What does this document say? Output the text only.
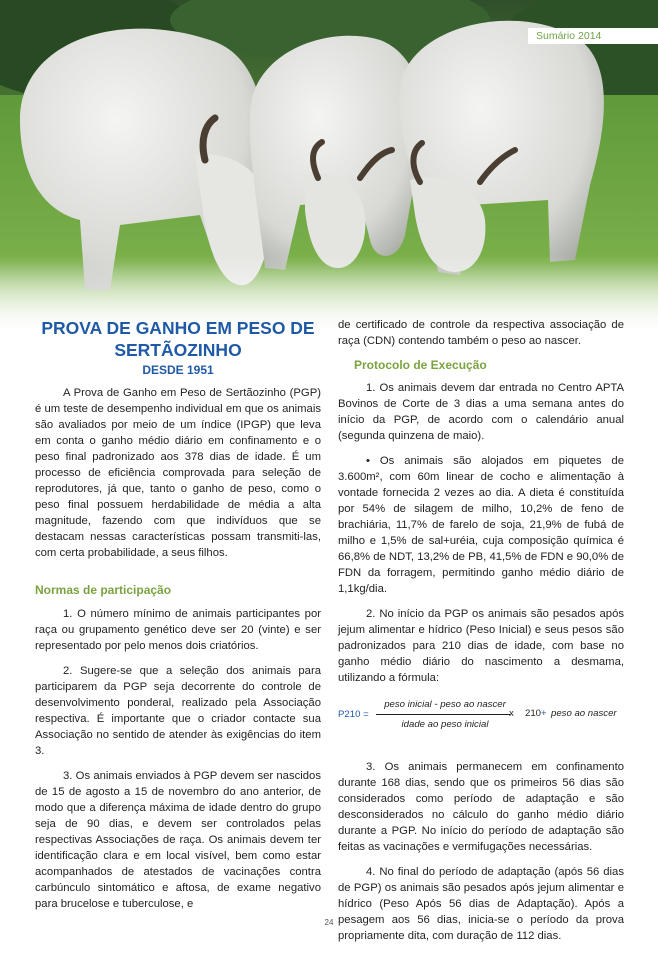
Sumário 2014
PROVA DE GANHO EM PESO DE
SERTÃOZINHO
DESDE 1951

A Prova de Ganho em Peso de Sertãozinho (PGP) é um teste de desempenho individual em que os animais são avaliados por meio de um índice (IPGP) que leva em conta o ganho médio diário em confinamento e o peso final padronizado aos 378 dias de idade. É um processo de eficiência comprovada para seleção de reprodutores, já que, tanto o ganho de peso, como o peso final possuem herdabilidade de média a alta magnitude, fazendo com que indivíduos que se destacam nessas características possam transmiti-las, com certa probabilidade, a seus filhos.

Normas de participação

1. O número mínimo de animais participantes por raça ou grupamento genético deve ser 20 (vinte) e ser representado por pelo menos dois criatórios.

2. Sugere-se que a seleção dos animais para participarem da PGP seja decorrente do controle de desenvolvimento ponderal, realizado pela Associação respectiva. É importante que o criador contacte sua Associação no sentido de atender às exigências do item 3.

3. Os animais enviados à PGP devem ser nascidos de 15 de agosto a 15 de novembro do ano anterior, de modo que a diferença máxima de idade dentro do grupo seja de 90 dias, e devem ser controlados pelas respectivas Associações de raça. Os animais devem ter identificação clara e em local visível, bem como estar acompanhados de atestados de vacinações contra carbúnculo sintomático e aftosa, de exame negativo para brucelose e tuberculose, e

de certificado de controle da respectiva associação de raça (CDN) contendo também o peso ao nascer.

Protocolo de Execução

1. Os animais devem dar entrada no Centro APTA Bovinos de Corte de 3 dias a uma semana antes do início da PGP, de acordo com o calendário anual (segunda quinzena de maio).

• Os animais são alojados em piquetes de 3.600m², com 60m linear de cocho e alimentação à vontade fornecida 2 vezes ao dia. A dieta é constituída por 54% de silagem de milho, 10,2% de feno de brachiária, 11,7% de farelo de soja, 21,9% de fubá de milho e 1,5% de sal+uréia, cuja composição química é 66,8% de NDT, 13,2% de PB, 41,5% de FDN e 90,0% de FDN da forragem, permitindo ganho médio diário de 1,1kg/dia.

2. No início da PGP os animais são pesados após jejum alimentar e hídrico (Peso Inicial) e seus pesos são padronizados para 210 dias de idade, com base no ganho médio diário do nascimento a desmama, utilizando a fórmula:

P210 =
peso inicial - peso ao nascer
idade ao peso inicial
x 210 + peso ao nascer

3. Os animais permanecem em confinamento durante 168 dias, sendo que os primeiros 56 dias são considerados como período de adaptação e são desconsiderados no cálculo do ganho médio diário durante a PGP. No início do período de adaptação são feitas as vacinações e vermifugações necessárias.

4. No final do período de adaptação (após 56 dias de PGP) os animais são pesados após jejum alimentar e hídrico (Peso Após 56 dias de Adaptação). Após a pesagem aos 56 dias, inicia-se o período da prova propriamente dita, com duração de 112 dias.

24
